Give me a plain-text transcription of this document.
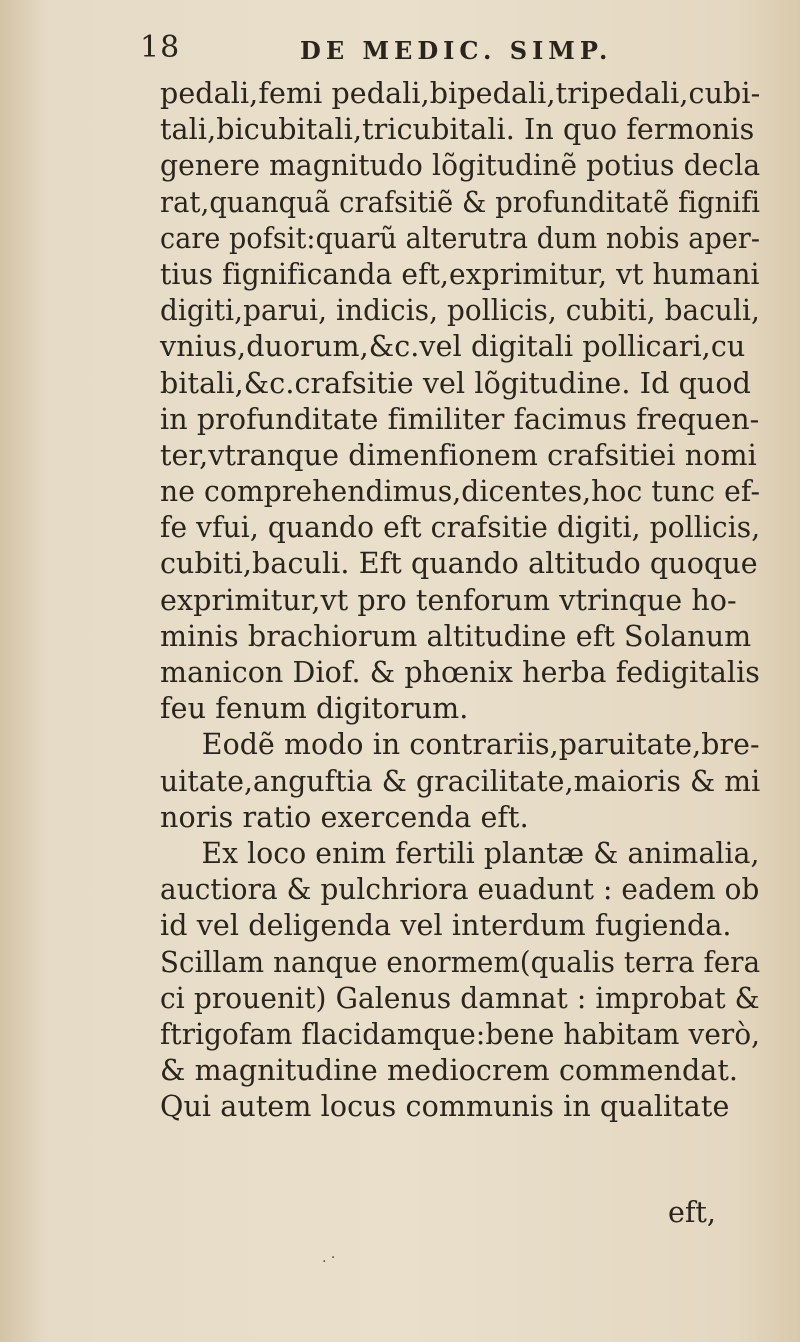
18	DE MEDIC. SIMP.
pedali,femi pedali,bipedali,tripedali,cubi-
tali,bicubitali,tricubitali. In quo fermonis
genere magnitudo lõgitudinẽ potius decla
rat,quanquã crafsitiẽ & profunditatẽ fignifi
care pofsit:quarũ alterutra dum nobis aper-
tius fignificanda eft,exprimitur, vt humani
digiti,parui, indicis, pollicis, cubiti, baculi,
vnius,duorum,&c.vel digitali pollicari,cu
bitali,&c.crafsitie vel lõgitudine. Id quod
in profunditate fimiliter facimus frequen-
ter,vtranque dimenfionem crafsitiei nomi
ne comprehendimus,dicentes,hoc tunc ef-
fe vfui, quando eft crafsitie digiti, pollicis,
cubiti,baculi. Eft quando altitudo quoque
exprimitur,vt pro tenforum vtrinque ho-
minis brachiorum altitudine eft Solanum
manicon Diof. & phœnix herba fedigitalis
feu fenum digitorum.
Eodẽ modo in contrariis,paruitate,bre-
uitate,anguftia & gracilitate,maioris & mi
noris ratio exercenda eft.
Ex loco enim fertili plantæ & animalia,
auctiora & pulchriora euadunt : eadem ob
id vel deligenda vel interdum fugienda.
Scillam nanque enormem(qualis terra fera
ci prouenit) Galenus damnat : improbat &
ftrigofam flacidamque:bene habitam verò,
& magnitudine mediocrem commendat.
Qui autem locus communis in qualitate
eft,
. ·
